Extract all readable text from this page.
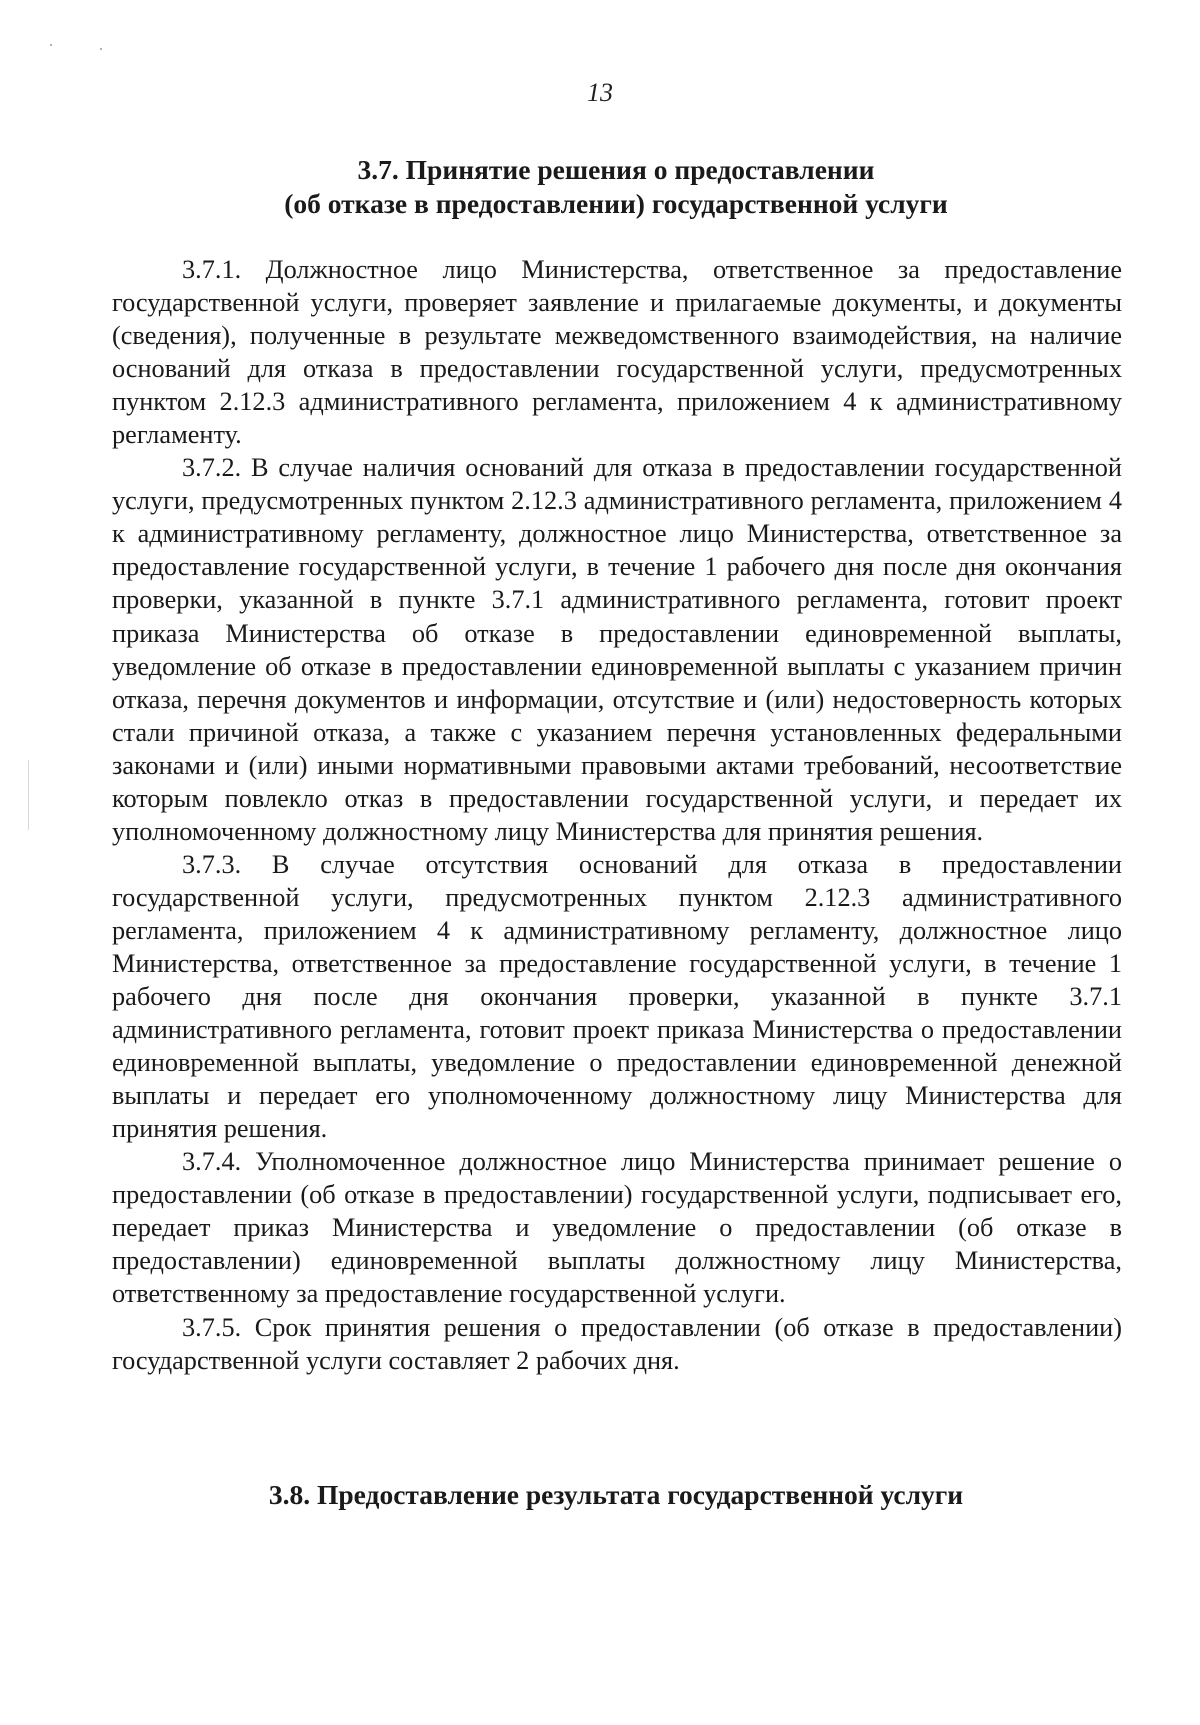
13
3.7. Принятие решения о предоставлении
(об отказе в предоставлении) государственной услуги

3.7.1. Должностное лицо Министерства, ответственное за предоставление государственной услуги, проверяет заявление и прилагаемые документы, и документы (сведения), полученные в результате межведомственного взаимодействия, на наличие оснований для отказа в предоставлении государственной услуги, предусмотренных пунктом 2.12.3 административного регламента, приложением 4 к административному регламенту.

3.7.2. В случае наличия оснований для отказа в предоставлении государственной услуги, предусмотренных пунктом 2.12.3 административного регламента, приложением 4 к административному регламенту, должностное лицо Министерства, ответственное за предоставление государственной услуги, в течение 1 рабочего дня после дня окончания проверки, указанной в пункте 3.7.1 административного регламента, готовит проект приказа Министерства об отказе в предоставлении единовременной выплаты, уведомление об отказе в предоставлении единовременной выплаты с указанием причин отказа, перечня документов и информации, отсутствие и (или) недостоверность которых стали причиной отказа, а также с указанием перечня установленных федеральными законами и (или) иными нормативными правовыми актами требований, несоответствие которым повлекло отказ в предоставлении государственной услуги, и передает их уполномоченному должностному лицу Министерства для принятия решения.

3.7.3. В случае отсутствия оснований для отказа в предоставлении государственной услуги, предусмотренных пунктом 2.12.3 административного регламента, приложением 4 к административному регламенту, должностное лицо Министерства, ответственное за предоставление государственной услуги, в течение 1 рабочего дня после дня окончания проверки, указанной в пункте 3.7.1 административного регламента, готовит проект приказа Министерства о предоставлении единовременной выплаты, уведомление о предоставлении единовременной денежной выплаты и передает его уполномоченному должностному лицу Министерства для принятия решения.

3.7.4. Уполномоченное должностное лицо Министерства принимает решение о предоставлении (об отказе в предоставлении) государственной услуги, подписывает его, передает приказ Министерства и уведомление о предоставлении (об отказе в предоставлении) единовременной выплаты должностному лицу Министерства, ответственному за предоставление государственной услуги.

3.7.5. Срок принятия решения о предоставлении (об отказе в предоставлении) государственной услуги составляет 2 рабочих дня.

3.8. Предоставление результата государственной услуги
